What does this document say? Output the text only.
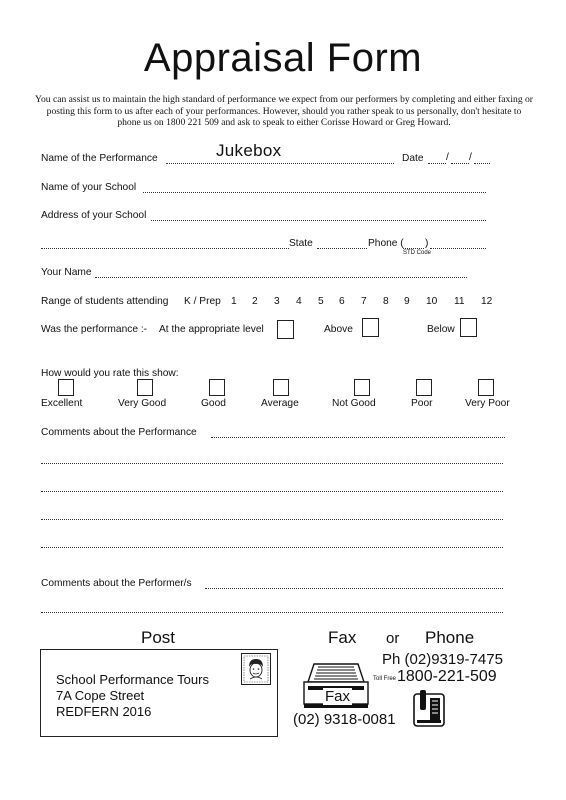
Appraisal Form
You can assist us to maintain the high standard of performance we expect from our performers by completing and either faxing or posting this form to us after each of your performances. However, should you rather speak to us personally, don't hesitate to phone us on 1800 221 509 and ask to speak to either Corisse Howard or Greg Howard.
Name of the Performance	Jukebox	Date / /
Name of your School
Address of your School
State	Phone ( )
STD Code
Your Name
Range of students attending K / Prep 1 2 3 4 5 6 7 8 9 10 11 12
Was the performance :- At the appropriate level	Above	Below
How would you rate this show:
Excellent	Very Good	Good	Average	Not Good	Poor	Very Poor
Comments about the Performance
Comments about the Performer/s
Post	Fax or Phone
School Performance Tours
7A Cope Street
REDFERN 2016
Fax
(02) 9318-0081
Ph (02)9319-7475
Toll Free 1800-221-509
